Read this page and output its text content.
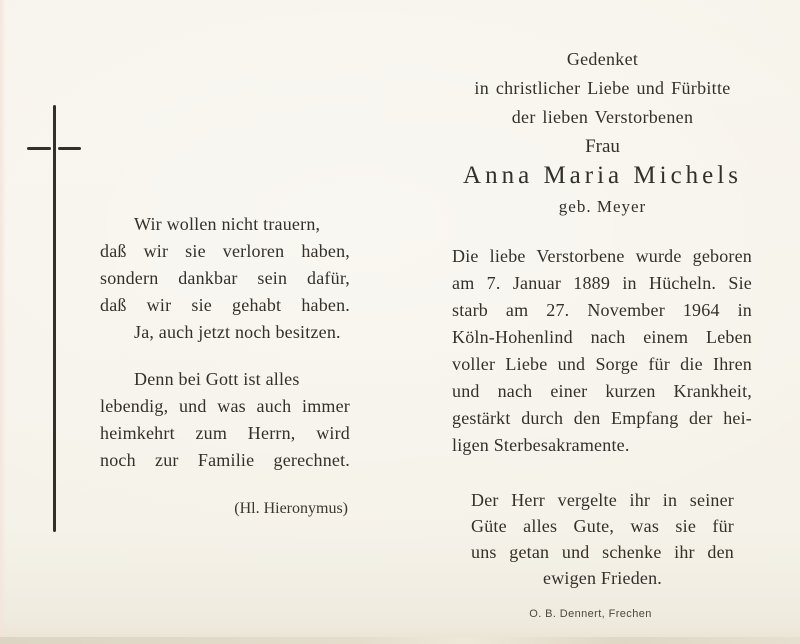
Wir wollen nicht trauern,
daß wir sie verloren haben,
sondern dankbar sein dafür,
daß wir sie gehabt haben.
Ja, auch jetzt noch besitzen.
Denn bei Gott ist alles
lebendig, und was auch immer
heimkehrt zum Herrn, wird
noch zur Familie gerechnet.
(Hl. Hieronymus)
Gedenket
in christlicher Liebe und Fürbitte
der lieben Verstorbenen
Frau
Anna Maria Michels
geb. Meyer
Die liebe Verstorbene wurde geboren
am 7. Januar 1889 in Hücheln. Sie
starb am 27. November 1964 in
Köln-Hohenlind nach einem Leben
voller Liebe und Sorge für die Ihren
und nach einer kurzen Krankheit,
gestärkt durch den Empfang der hei-
ligen Sterbesakramente.
Der Herr vergelte ihr in seiner
Güte alles Gute, was sie für
uns getan und schenke ihr den
ewigen Frieden.
O. B. Dennert, Frechen
